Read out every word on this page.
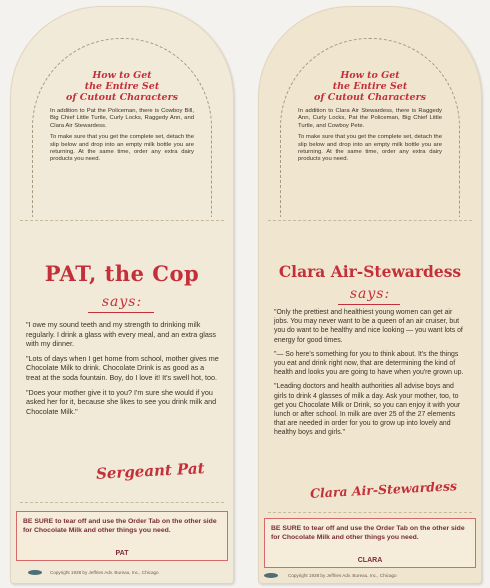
How to Get
the Entire Set
of Cutout Characters

In addition to Pat the Policeman, there is Cowboy Bill, Big Chief Little Turtle, Curly Locks, Raggedy Ann, and Clara Air Stewardess.

To make sure that you get the complete set, detach the slip below and drop into an empty milk bottle you are returning. At the same time, order any extra dairy products you need.

PAT, the Cop
says:

"I owe my sound teeth and my strength to drinking milk regularly. I drink a glass with every meal, and an extra glass with my dinner.

"Lots of days when I get home from school, mother gives me Chocolate Milk to drink. Chocolate Drink is as good as a treat at the soda fountain. Boy, do I love it! It's swell hot, too.

"Does your mother give it to you? I'm sure she would if you asked her for it, because she likes to see you drink milk and Chocolate Milk."

Sergeant Pat
BE SURE to tear off and use the Order Tab on the other side for Chocolate Milk and other things you need.
PAT
Copyright 1938 by Jeffries Adv. Bureau, Inc., Chicago
How to Get
the Entire Set
of Cutout Characters

In addition to Clara Air Stewardess, there is Raggedy Ann, Curly Locks, Pat the Policeman, Big Chief Little Turtle, and Cowboy Pete.

To make sure that you get the complete set, detach the slip below and drop into an empty milk bottle you are returning. At the same time, order any extra dairy products you need.

Clara Air-Stewardess
says:

"Only the prettiest and healthiest young women can get air jobs. You may never want to be a queen of an air cruiser, but you do want to be healthy and nice looking — you want lots of energy for good times.

"— So here's something for you to think about. It's the things you eat and drink right now, that are determining the kind of health and looks you are going to have when you're grown up.

"Leading doctors and health authorities all advise boys and girls to drink 4 glasses of milk a day. Ask your mother, too, to get you Chocolate Milk or Drink, so you can enjoy it with your lunch or after school. In milk are over 25 of the 27 elements that are needed in order for you to grow up into lovely and healthy boys and girls."

Clara Air-Stewardess
BE SURE to tear off and use the Order Tab on the other side for Chocolate Milk and other things you need.
CLARA
Copyright 1938 by Jeffries Adv. Bureau, Inc., Chicago
